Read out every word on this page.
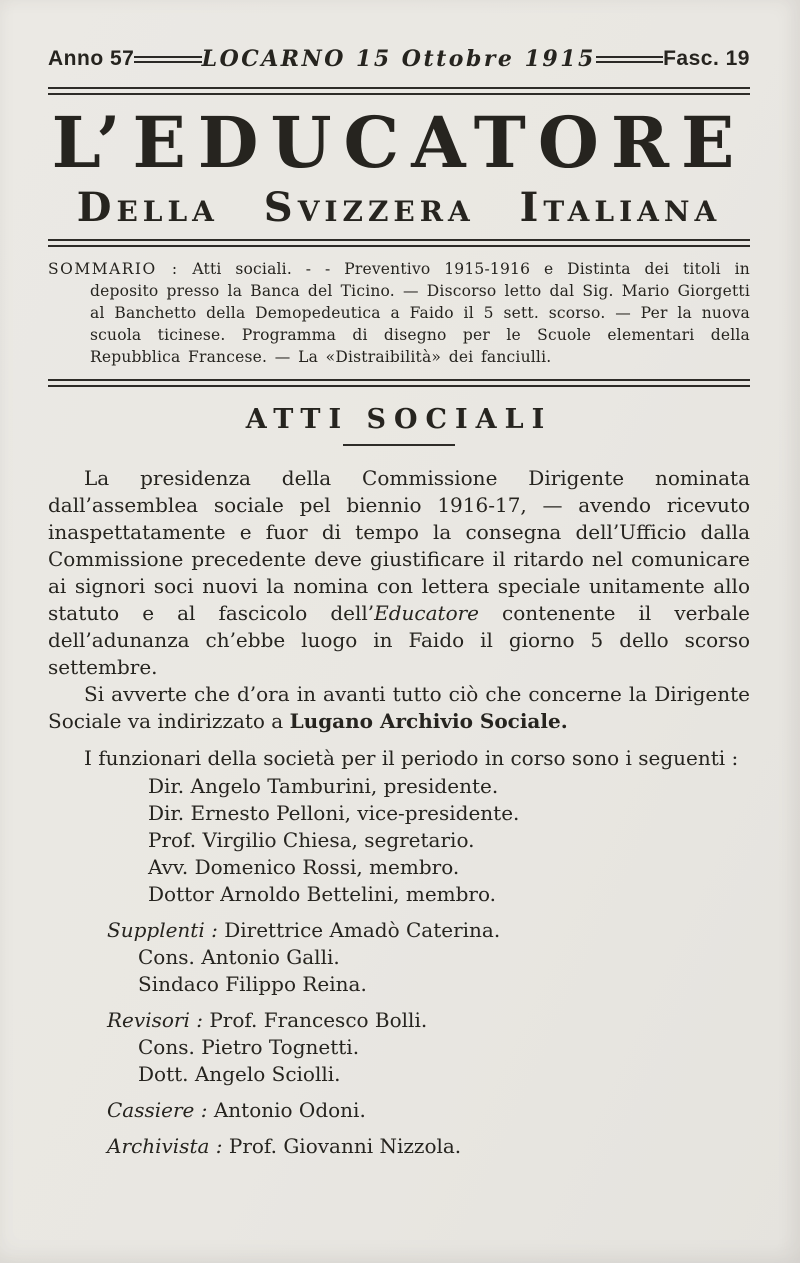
Anno 57	LOCARNO 15 Ottobre 1915	Fasc. 19
L’EDUCATORE
Della Svizzera Italiana
SOMMARIO : Atti sociali. - - Preventivo 1915-1916 e Distinta dei titoli in deposito presso la Banca del Ticino. — Discorso letto dal Sig. Mario Giorgetti al Banchetto della Demopedeutica a Faido il 5 sett. scorso. — Per la nuova scuola ticinese. Programma di disegno per le Scuole elementari della Repubblica Francese. — La «Distraibilità» dei fanciulli.
ATTI SOCIALI

La presidenza della Commissione Dirigente nominata dall’assemblea sociale pel biennio 1916-17, — avendo ricevuto inaspettatamente e fuor di tempo la consegna dell’Ufficio dalla Commissione precedente deve giustificare il ritardo nel comunicare ai signori soci nuovi la nomina con lettera speciale unitamente allo statuto e al fascicolo dell’Educatore contenente il verbale dell’adunanza ch’ebbe luogo in Faido il giorno 5 dello scorso settembre.

Si avverte che d’ora in avanti tutto ciò che concerne la Dirigente Sociale va indirizzato a Lugano Archivio Sociale.

I funzionari della società per il periodo in corso sono i seguenti :

Dir. Angelo Tamburini, presidente.
Dir. Ernesto Pelloni, vice-presidente.
Prof. Virgilio Chiesa, segretario.
Avv. Domenico Rossi, membro.
Dottor Arnoldo Bettelini, membro.
Supplenti : Direttrice Amadò Caterina.
Cons. Antonio Galli.
Sindaco Filippo Reina.
Revisori : Prof. Francesco Bolli.
Cons. Pietro Tognetti.
Dott. Angelo Sciolli.
Cassiere : Antonio Odoni.
Archivista : Prof. Giovanni Nizzola.
